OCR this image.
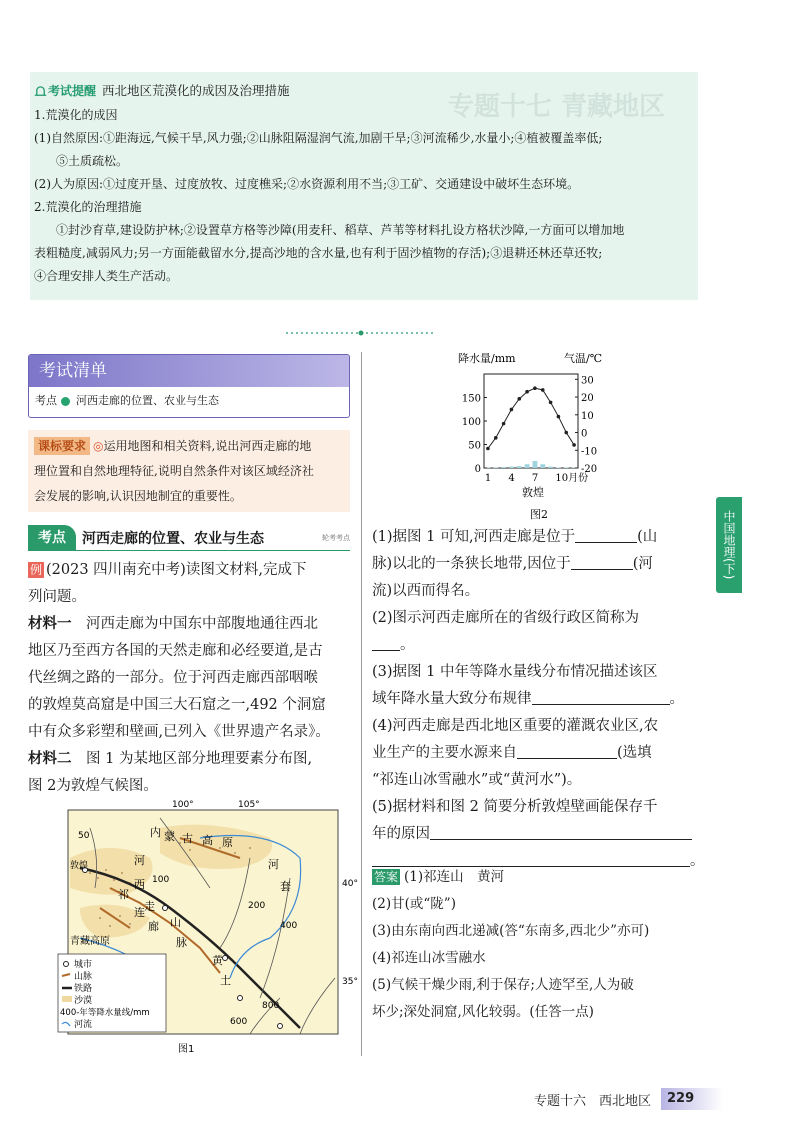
专题十七 青藏地区
考试提醒 西北地区荒漠化的成因及治理措施

1.荒漠化的成因

(1)自然原因:①距海远,气候干旱,风力强;②山脉阻隔湿润气流,加剧干旱;③河流稀少,水量小;④植被覆盖率低;

⑤土质疏松。

(2)人为原因:①过度开垦、过度放牧、过度樵采;②水资源利用不当;③工矿、交通建设中破坏生态环境。

2.荒漠化的治理措施

①封沙育草,建设防护林;②设置草方格等沙障(用麦秆、稻草、芦苇等材料扎设方格状沙障,一方面可以增加地

表粗糙度,减弱风力;另一方面能截留水分,提高沙地的含水量,也有利于固沙植物的存活);③退耕还林还草还牧;

④合理安排人类生产活动。

考试清单
考点 河西走廊的位置、农业与生态

课标要求 ◎运用地图和相关资料,说出河西走廊的地

理位置和自然地理特征,说明自然条件对该区域经济社

会发展的影响,认识因地制宜的重要性。

考点	河西走廊的位置、农业与生态	轮考考点

例 (2023 四川南充中考)读图文材料,完成下

列问题。

材料一　 河西走廊为中国东中部腹地通往西北

地区乃至西方各国的天然走廊和必经要道,是古

代丝绸之路的一部分。位于河西走廊西部咽喉

的敦煌莫高窟是中国三大石窟之一,492 个洞窟

中有众多彩塑和壁画,已列入《世界遗产名录》。

材料二　 图 1 为某地区部分地理要素分布图,

图 2为敦煌气候图。

100°	105°
40°
35°
内 蒙 古 高 原
河
套
河
西
走
廊
青藏高原
黄
土
祁
连
山
脉
敦煌
50
100
200
400
600
800
城市
山脉
铁路
沙漠
400-年等降水量线/mm
河流
图1
降水量/mm	气温/℃
0
50
100
150
-20
-10
0
10
20
30
1 4 7 10月份
敦煌
图2

(1)据图 1 可知,河西走廊是位于	(山

脉)以北的一条狭长地带,因位于	(河

流)以西而得名。

(2)图示河西走廊所在的省级行政区简称为

。

(3)据图 1 中年等降水量线分布情况描述该区

域年降水量大致分布规律	。

(4)河西走廊是西北地区重要的灌溉农业区,农

业生产的主要水源来自	(选填

“祁连山冰雪融水”或“黄河水”)。

(5)据材料和图 2 简要分析敦煌壁画能保存千

年的原因

。

答案 (1)祁连山　黄河

(2)甘(或“陇”)

(3)由东南向西北递减(答“东南多,西北少”亦可)

(4)祁连山冰雪融水

(5)气候干燥少雨,利于保存;人迹罕至,人为破

坏少;深处洞窟,风化较弱。(任答一点)

中国地理(下)
专题十六　西北地区	229
